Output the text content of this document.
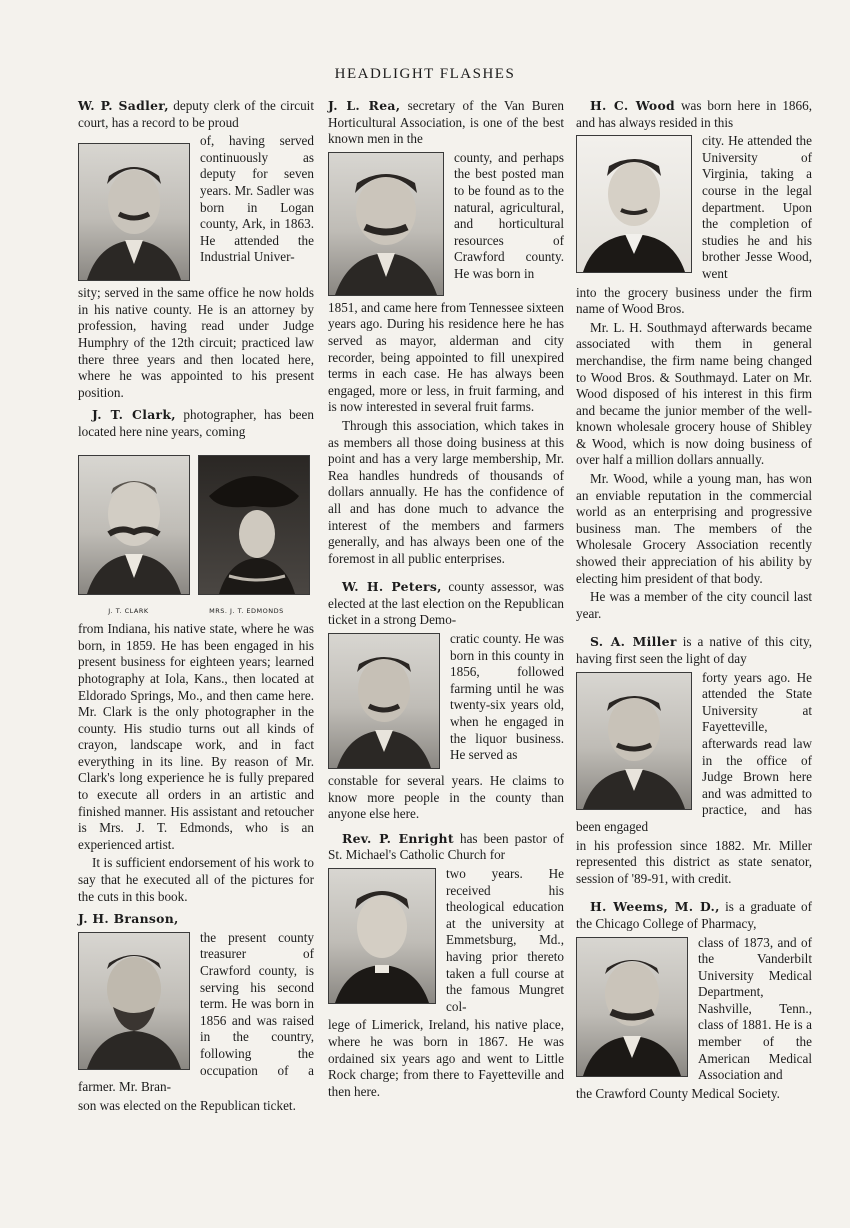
HEADLIGHT FLASHES

W. P. Sadler, deputy clerk of the circuit court, has a record to be proud

of, having served continuously as deputy for seven years. Mr. Sadler was born in Logan county, Ark, in 1863. He attended the Industrial Univer-

sity; served in the same office he now holds in his native county. He is an attorney by profession, having read under Judge Humphry of the 12th circuit; practiced law there three years and then located here, where he was appointed to his present position.

J. T. Clark, photographer, has been located here nine years, coming

J. T. CLARK	MRS. J. T. EDMONDS

from Indiana, his native state, where he was born, in 1859. He has been engaged in his present business for eighteen years; learned photography at Iola, Kans., then located at Eldorado Springs, Mo., and then came here. Mr. Clark is the only photographer in the county. His studio turns out all kinds of crayon, landscape work, and in fact everything in its line. By reason of Mr. Clark's long experience he is fully prepared to execute all orders in an artistic and finished manner. His assistant and retoucher is Mrs. J. T. Edmonds, who is an experienced artist.

It is sufficient endorsement of his work to say that he executed all of the pictures for the cuts in this book.

J. H. Branson,

the present county treasurer of Crawford county, is serving his second term. He was born in 1856 and was raised in the country, following the occupation of a farmer. Mr. Bran-

son was elected on the Republican ticket.

J. L. Rea, secretary of the Van Buren Horticultural Association, is one of the best known men in the

county, and perhaps the best posted man to be found as to the natural, agricultural, and horticultural resources of Crawford county. He was born in

1851, and came here from Tennessee sixteen years ago. During his residence here he has served as mayor, alderman and city recorder, being appointed to fill unexpired terms in each case. He has always been engaged, more or less, in fruit farming, and is now interested in several fruit farms.

Through this association, which takes in as members all those doing business at this point and has a very large membership, Mr. Rea handles hundreds of thousands of dollars annually. He has the confidence of all and has done much to advance the interest of the members and farmers generally, and has always been one of the foremost in all public enterprises.

W. H. Peters, county assessor, was elected at the last election on the Republican ticket in a strong Demo-

cratic county. He was born in this county in 1856, followed farming until he was twenty-six years old, when he engaged in the liquor business. He served as

constable for several years. He claims to know more people in the county than anyone else here.

Rev. P. Enright has been pastor of St. Michael's Catholic Church for

two years. He received his theological education at the university at Emmetsburg, Md., having prior thereto taken a full course at the famous Mungret col-

lege of Limerick, Ireland, his native place, where he was born in 1867. He was ordained six years ago and went to Little Rock charge; from there to Fayetteville and then here.

H. C. Wood was born here in 1866, and has always resided in this

city. He attended the University of Virginia, taking a course in the legal department. Upon the completion of studies he and his brother Jesse Wood, went

into the grocery business under the firm name of Wood Bros.

Mr. L. H. Southmayd afterwards became associated with them in general merchandise, the firm name being changed to Wood Bros. & Southmayd. Later on Mr. Wood disposed of his interest in this firm and became the junior member of the well-known wholesale grocery house of Shibley & Wood, which is now doing business of over half a million dollars annually.

Mr. Wood, while a young man, has won an enviable reputation in the commercial world as an enterprising and progressive business man. The members of the Wholesale Grocery Association recently showed their appreciation of his ability by electing him president of that body.

He was a member of the city council last year.

S. A. Miller is a native of this city, having first seen the light of day

forty years ago. He attended the State University at Fayetteville, afterwards read law in the office of Judge Brown here and was admitted to practice, and has been engaged

in his profession since 1882. Mr. Miller represented this district as state senator, session of '89-91, with credit.

H. Weems, M. D., is a graduate of the Chicago College of Pharmacy,

class of 1873, and of the Vanderbilt University Medical Department, Nashville, Tenn., class of 1881. He is a member of the American Medical Association and

the Crawford County Medical Society.
